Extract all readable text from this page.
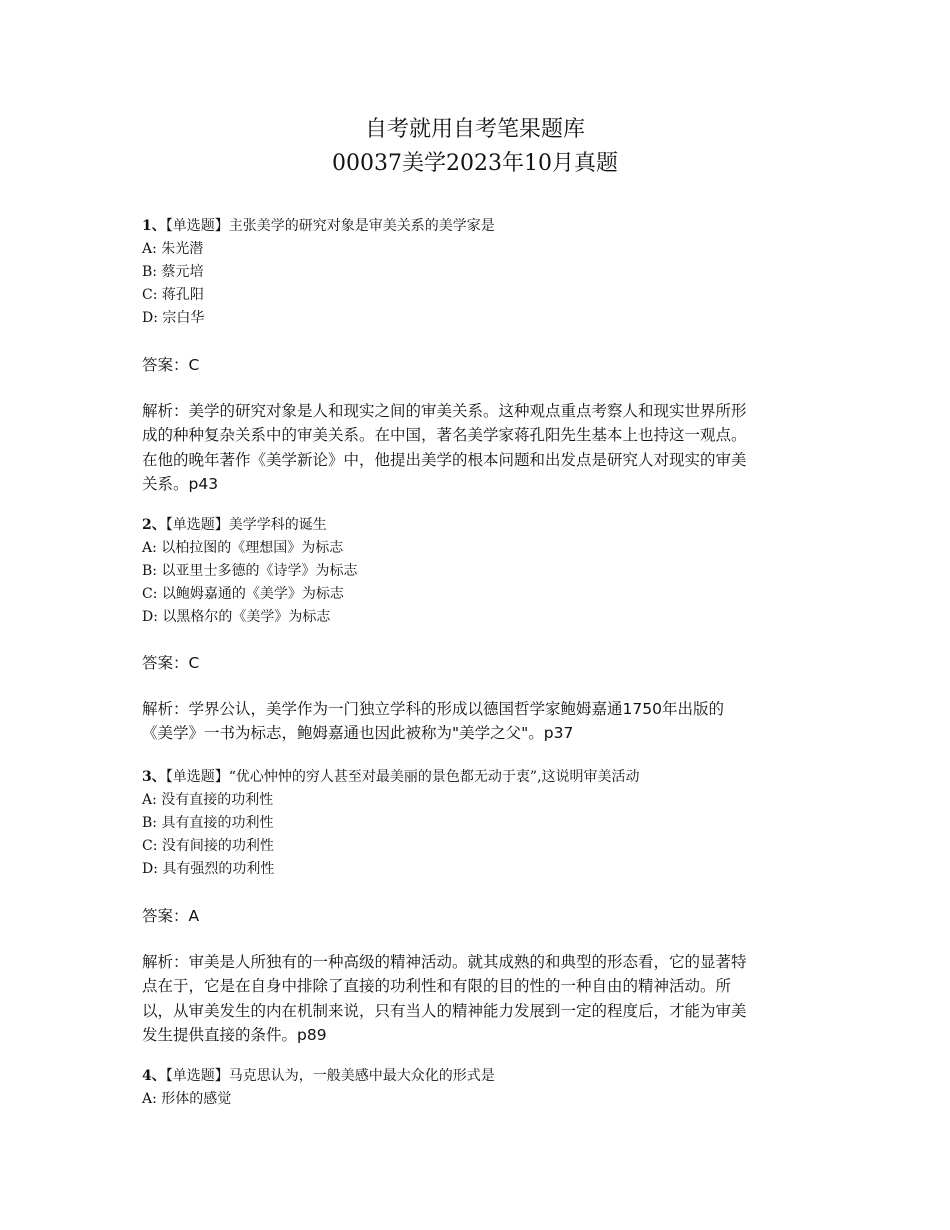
自考就用自考笔果题库
00037美学2023年10月真题
1、【单选题】主张美学的研究对象是审美关系的美学家是
A: 朱光潜
B: 蔡元培
C: 蒋孔阳
D: 宗白华
答案：C
解析：美学的研究对象是人和现实之间的审美关系。这种观点重点考察人和现实世界所形
成的种种复杂关系中的审美关系。在中国，著名美学家蒋孔阳先生基本上也持这一观点。
在他的晚年著作《美学新论》中，他提出美学的根本问题和出发点是研究人对现实的审美
关系。p43
2、【单选题】美学学科的诞生
A: 以柏拉图的《理想国》为标志
B: 以亚里士多德的《诗学》为标志
C: 以鲍姆嘉通的《美学》为标志
D: 以黑格尔的《美学》为标志
答案：C
解析：学界公认，美学作为一门独立学科的形成以德国哲学家鲍姆嘉通1750年出版的
《美学》一书为标志，鲍姆嘉通也因此被称为"美学之父"。p37
3、【单选题】“优心忡忡的穷人甚至对最美丽的景色都无动于衷”,这说明审美活动
A: 没有直接的功利性
B: 具有直接的功利性
C: 没有间接的功利性
D: 具有强烈的功利性
答案：A
解析：审美是人所独有的一种高级的精神活动。就其成熟的和典型的形态看，它的显著特
点在于，它是在自身中排除了直接的功利性和有限的目的性的一种自由的精神活动。所
以，从审美发生的内在机制来说，只有当人的精神能力发展到一定的程度后，才能为审美
发生提供直接的条件。p89
4、【单选题】马克思认为，一般美感中最大众化的形式是
A: 形体的感觉
